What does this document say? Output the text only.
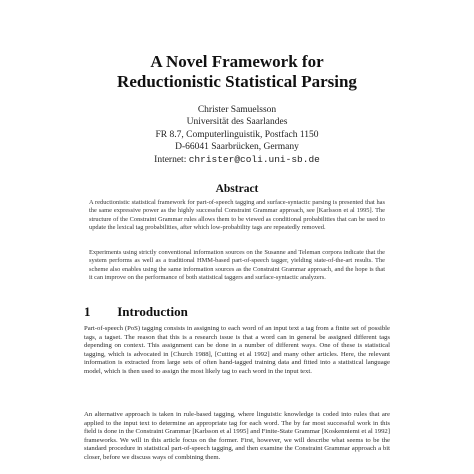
A Novel Framework for
Reductionistic Statistical Parsing
Christer Samuelsson
Universität des Saarlandes
FR 8.7, Computerlinguistik, Postfach 1150
D-66041 Saarbrücken, Germany
Internet: christer@coli.uni-sb.de
Abstract
A reductionistic statistical framework for part-of-speech tagging and surface-syntactic parsing is presented that has the same expressive power as the highly successful Constraint Grammar approach, see [Karlsson et al 1995]. The structure of the Constraint Grammar rules allows them to be viewed as conditional probabilities that can be used to update the lexical tag probabilities, after which low-probability tags are repeatedly removed.
Experiments using strictly conventional information sources on the Susanne and Teleman corpora indicate that the system performs as well as a traditional HMM-based part-of-speech tagger, yielding state-of-the-art results. The scheme also enables using the same information sources as the Constraint Grammar approach, and the hope is that it can improve on the performance of both statistical taggers and surface-syntactic analyzers.
1 Introduction
Part-of-speech (PoS) tagging consists in assigning to each word of an input text a tag from a finite set of possible tags, a tagset. The reason that this is a research issue is that a word can in general be assigned different tags depending on context. This assignment can be done in a number of different ways. One of these is statistical tagging, which is advocated in [Church 1988], [Cutting et al 1992] and many other articles. Here, the relevant information is extracted from large sets of often hand-tagged training data and fitted into a statistical language model, which is then used to assign the most likely tag to each word in the input text.
An alternative approach is taken in rule-based tagging, where linguistic knowledge is coded into rules that are applied to the input text to determine an appropriate tag for each word. The by far most successful work in this field is done in the Constraint Grammar [Karlsson et al 1995] and Finite-State Grammar [Koskenniemi et al 1992] frameworks. We will in this article focus on the former. First, however, we will describe what seems to be the standard procedure in statistical part-of-speech tagging, and then examine the Constraint Grammar approach a bit closer, before we discuss ways of combining them.
